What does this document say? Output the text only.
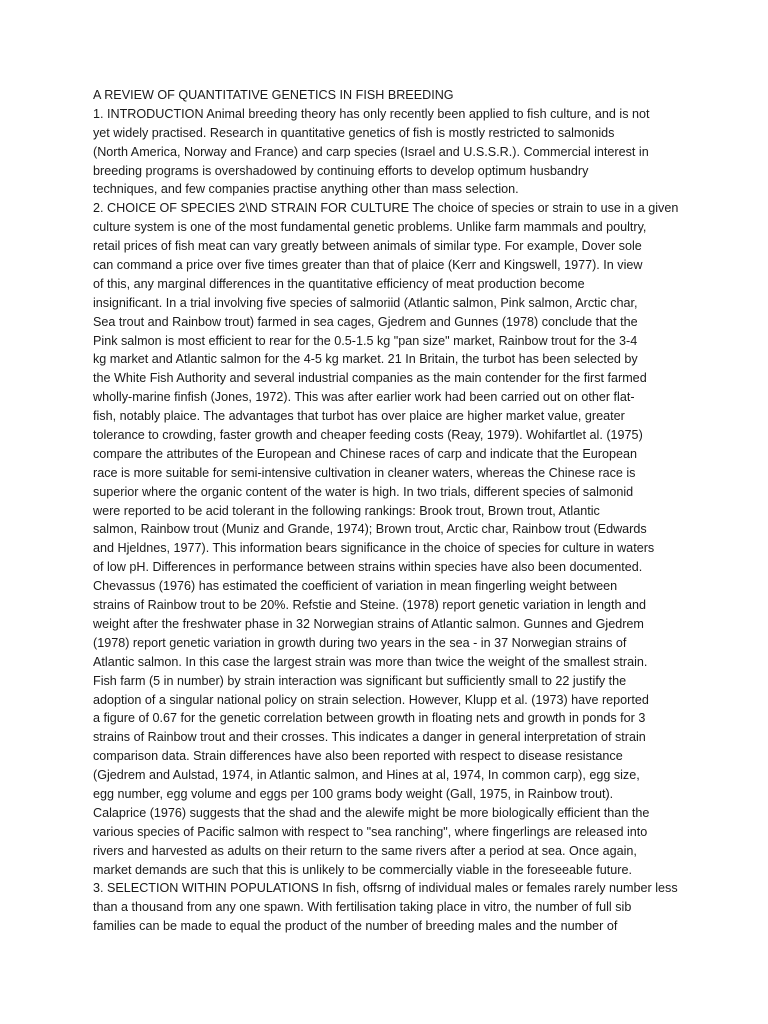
A REVIEW OF QUANTITATIVE GENETICS IN FISH BREEDING
1. INTRODUCTION Animal breeding theory has only recently been applied to fish culture, and is not
yet widely practised. Research in quantitative genetics of fish is mostly restricted to salmonids
(North America, Norway and France) and carp species (Israel and U.S.S.R.). Commercial interest in
breeding programs is overshadowed by continuing efforts to develop optimum husbandry
techniques, and few companies practise anything other than mass selection.
2. CHOICE OF SPECIES 2\ND STRAIN FOR CULTURE The choice of species or strain to use in a given
culture system is one of the most fundamental genetic problems. Unlike farm mammals and poultry,
retail prices of fish meat can vary greatly between animals of similar type. For example, Dover sole
can command a price over five times greater than that of plaice (Kerr and Kingswell, 1977). In view
of this, any marginal differences in the quantitative efficiency of meat production become
insignificant. In a trial involving five species of salmoriid (Atlantic salmon, Pink salmon, Arctic char,
Sea trout and Rainbow trout) farmed in sea cages, Gjedrem and Gunnes (1978) conclude that the
Pink salmon is most efficient to rear for the 0.5-1.5 kg "pan size" market, Rainbow trout for the 3-4
kg market and Atlantic salmon for the 4-5 kg market. 21 In Britain, the turbot has been selected by
the White Fish Authority and several industrial companies as the main contender for the first farmed
wholly-marine finfish (Jones, 1972). This was after earlier work had been carried out on other flat-
fish, notably plaice. The advantages that turbot has over plaice are higher market value, greater
tolerance to crowding, faster growth and cheaper feeding costs (Reay, 1979). Wohifartlet al. (1975)
compare the attributes of the European and Chinese races of carp and indicate that the European
race is more suitable for semi-intensive cultivation in cleaner waters, whereas the Chinese race is
superior where the organic content of the water is high. In two trials, different species of salmonid
were reported to be acid tolerant in the following rankings: Brook trout, Brown trout, Atlantic
salmon, Rainbow trout (Muniz and Grande, 1974); Brown trout, Arctic char, Rainbow trout (Edwards
and Hjeldnes, 1977). This information bears significance in the choice of species for culture in waters
of low pH. Differences in performance between strains within species have also been documented.
Chevassus (1976) has estimated the coefficient of variation in mean fingerling weight between
strains of Rainbow trout to be 20%. Refstie and Steine. (1978) report genetic variation in length and
weight after the freshwater phase in 32 Norwegian strains of Atlantic salmon. Gunnes and Gjedrem
(1978) report genetic variation in growth during two years in the sea - in 37 Norwegian strains of
Atlantic salmon. In this case the largest strain was more than twice the weight of the smallest strain.
Fish farm (5 in number) by strain interaction was significant but sufficiently small to 22 justify the
adoption of a singular national policy on strain selection. However, Klupp et al. (1973) have reported
a figure of 0.67 for the genetic correlation between growth in floating nets and growth in ponds for 3
strains of Rainbow trout and their crosses. This indicates a danger in general interpretation of strain
comparison data. Strain differences have also been reported with respect to disease resistance
(Gjedrem and Aulstad, 1974, in Atlantic salmon, and Hines at al, 1974, In common carp), egg size,
egg number, egg volume and eggs per 100 grams body weight (Gall, 1975, in Rainbow trout).
Calaprice (1976) suggests that the shad and the alewife might be more biologically efficient than the
various species of Pacific salmon with respect to "sea ranching", where fingerlings are released into
rivers and harvested as adults on their return to the same rivers after a period at sea. Once again,
market demands are such that this is unlikely to be commercially viable in the foreseeable future.
3. SELECTION WITHIN POPULATIONS In fish, offsrng of individual males or females rarely number less
than a thousand from any one spawn. With fertilisation taking place in vitro, the number of full sib
families can be made to equal the product of the number of breeding males and the number of
